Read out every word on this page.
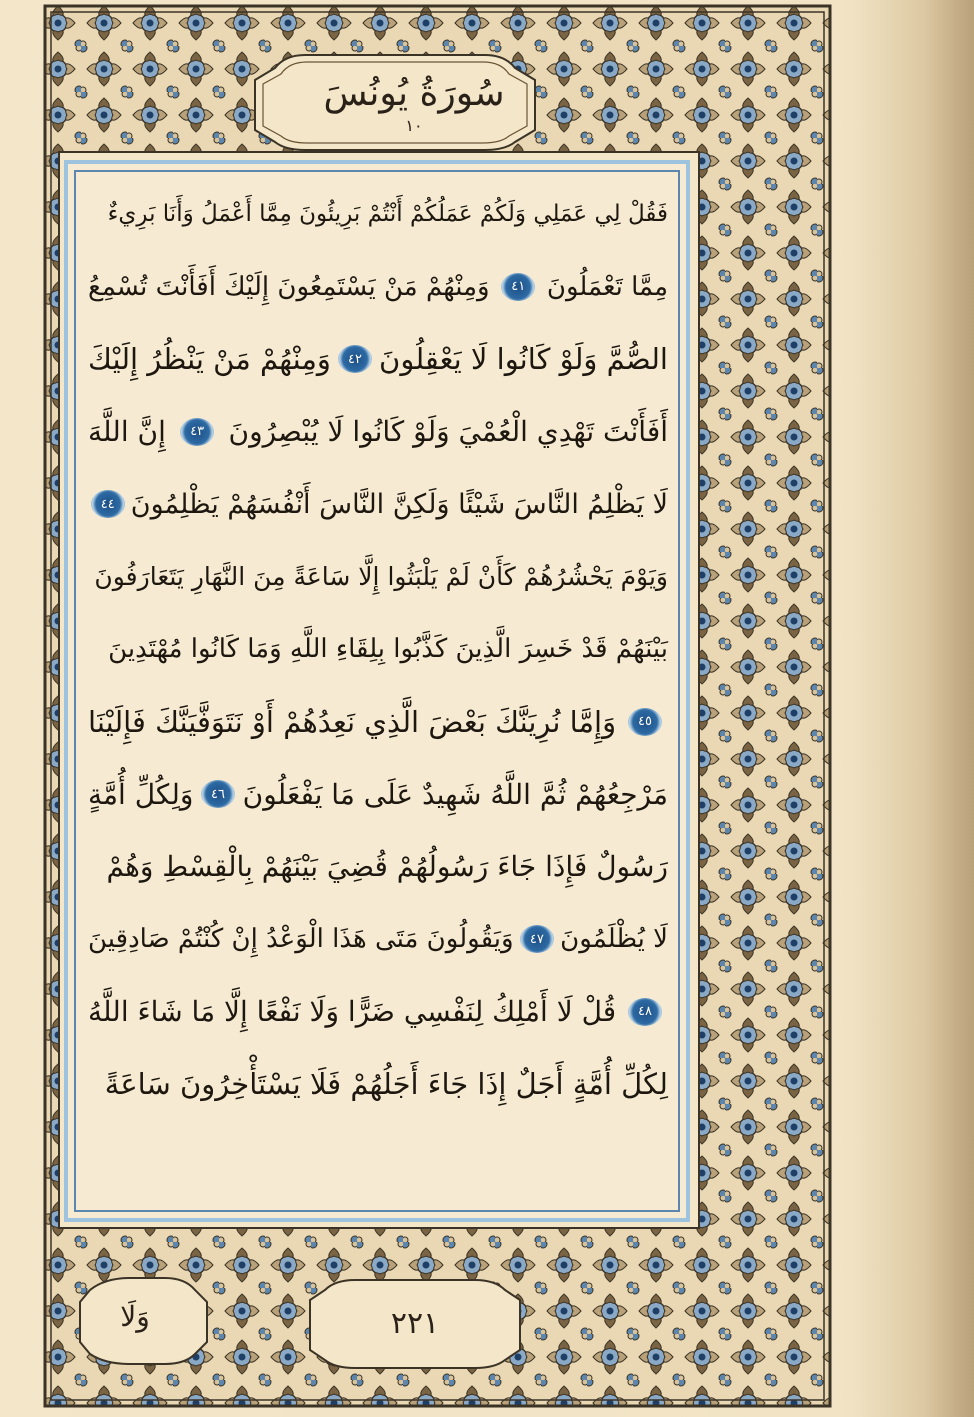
سُورَةُ يُونُسَ
١٠
فَقُلْ لِي عَمَلِي وَلَكُمْ عَمَلُكُمْ أَنْتُمْ بَرِيئُونَ مِمَّا أَعْمَلُ وَأَنَا بَرِيءٌ
مِمَّا تَعْمَلُونَ
٤١
وَمِنْهُمْ مَنْ يَسْتَمِعُونَ إِلَيْكَ أَفَأَنْتَ تُسْمِعُ
الصُّمَّ وَلَوْ كَانُوا لَا يَعْقِلُونَ
٤٢
وَمِنْهُمْ مَنْ يَنْظُرُ إِلَيْكَ
أَفَأَنْتَ تَهْدِي الْعُمْيَ وَلَوْ كَانُوا لَا يُبْصِرُونَ
٤٣
إِنَّ اللَّهَ
لَا يَظْلِمُ النَّاسَ شَيْئًا وَلَكِنَّ النَّاسَ أَنْفُسَهُمْ يَظْلِمُونَ
٤٤
وَيَوْمَ يَحْشُرُهُمْ كَأَنْ لَمْ يَلْبَثُوا إِلَّا سَاعَةً مِنَ النَّهَارِ يَتَعَارَفُونَ
بَيْنَهُمْ قَدْ خَسِرَ الَّذِينَ كَذَّبُوا بِلِقَاءِ اللَّهِ وَمَا كَانُوا مُهْتَدِينَ
٤٥
وَإِمَّا نُرِيَنَّكَ بَعْضَ الَّذِي نَعِدُهُمْ أَوْ نَتَوَفَّيَنَّكَ فَإِلَيْنَا
مَرْجِعُهُمْ ثُمَّ اللَّهُ شَهِيدٌ عَلَى مَا يَفْعَلُونَ
٤٦
وَلِكُلِّ أُمَّةٍ
رَسُولٌ فَإِذَا جَاءَ رَسُولُهُمْ قُضِيَ بَيْنَهُمْ بِالْقِسْطِ وَهُمْ
لَا يُظْلَمُونَ
٤٧
وَيَقُولُونَ مَتَى هَذَا الْوَعْدُ إِنْ كُنْتُمْ صَادِقِينَ
٤٨
قُلْ لَا أَمْلِكُ لِنَفْسِي ضَرًّا وَلَا نَفْعًا إِلَّا مَا شَاءَ اللَّهُ
لِكُلِّ أُمَّةٍ أَجَلٌ إِذَا جَاءَ أَجَلُهُمْ فَلَا يَسْتَأْخِرُونَ سَاعَةً
وَلَا	٢٢١
